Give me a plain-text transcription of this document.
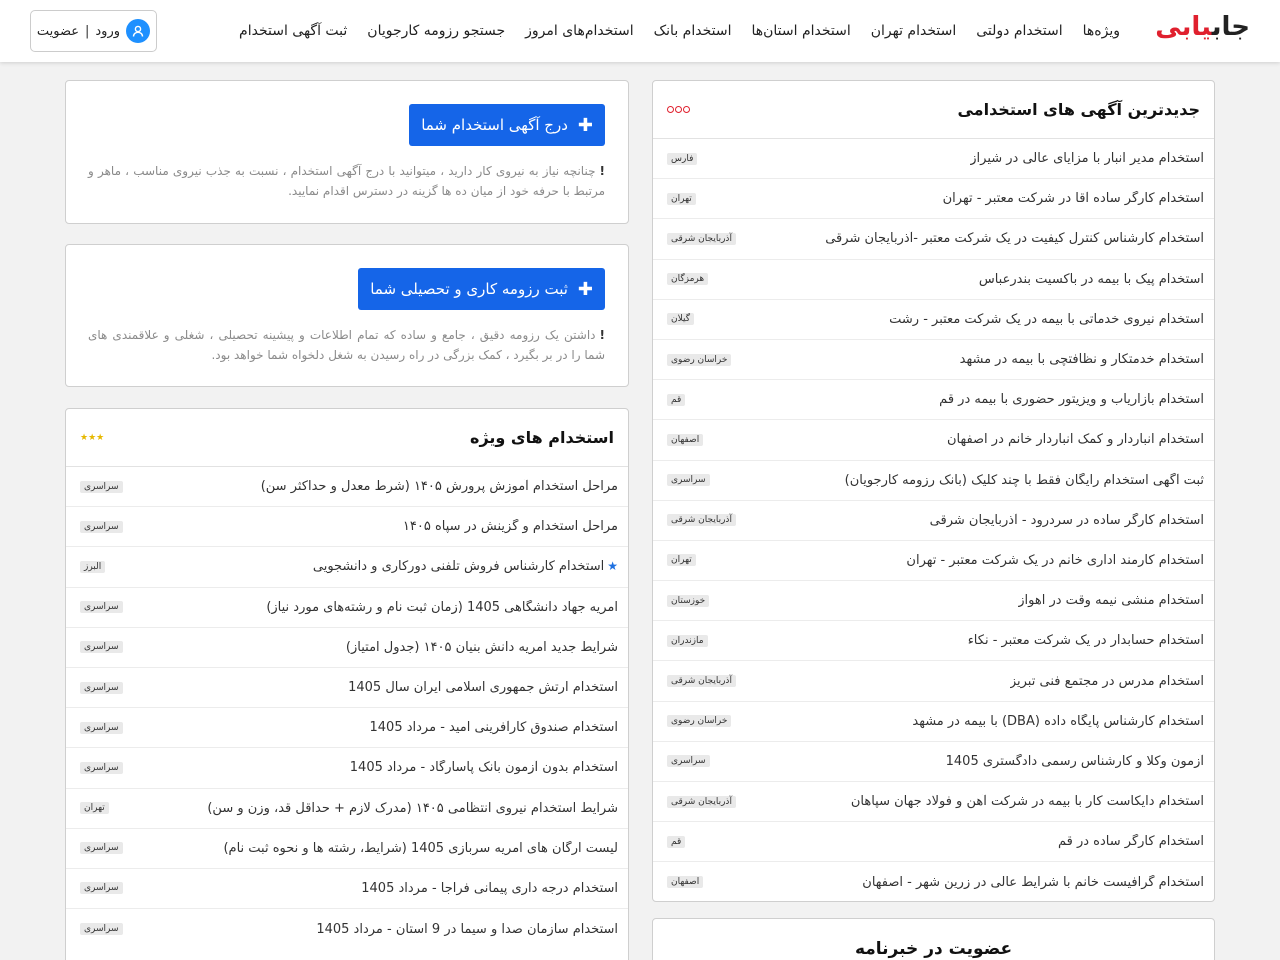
جابیابی
ویژه‌ها
استخدام دولتی
استخدام تهران
استخدام استان‌ها
استخدام بانک
استخدام‌های امروز
جستجو رزومه کارجویان
ثبت آگهی استخدام
ورود
|
عضویت
جدیدترین آگهی های استخدامی
استخدام مدیر انبار با مزایای عالی در شیراز
فارس
استخدام کارگر ساده آقا در شرکت معتبر - تهران
تهران
استخدام کارشناس کنترل کیفیت در یک شرکت معتبر -آذربایجان شرقی
آذربایجان شرقی
استخدام پیک با بیمه در باکسیت بندرعباس
هرمزگان
استخدام نیروی خدماتی با بیمه در یک شرکت معتبر - رشت
گیلان
استخدام خدمتکار و نظافتچی با بیمه در مشهد
خراسان رضوی
استخدام بازاریاب و ویزیتور حضوری با بیمه در قم
قم
استخدام انباردار و کمک انباردار خانم در اصفهان
اصفهان
ثبت آگهی استخدام رایگان فقط با چند کلیک (بانک رزومه کارجویان)
سراسری
استخدام کارگر ساده در سردرود - آذربایجان شرقی
آذربایجان شرقی
استخدام کارمند اداری خانم در یک شرکت معتبر - تهران
تهران
استخدام منشی نیمه وقت در اهواز
خوزستان
استخدام حسابدار در یک شرکت معتبر - نکاء
مازندران
استخدام مدرس در مجتمع فنی تبریز
آذربایجان شرقی
استخدام کارشناس پایگاه داده (DBA) با بیمه در مشهد
خراسان رضوی
آزمون وکلا و کارشناس رسمی دادگستری 1405
سراسری
استخدام دایکاست کار با بیمه در شرکت آهن و فولاد جهان سپاهان
آذربایجان شرقی
استخدام کارگر ساده در قم
قم
استخدام گرافیست خانم با شرایط عالی در زرین شهر - اصفهان
اصفهان
عضویت در خبرنامه
✚
درج آگهی استخدام شما
!چنانچه نیاز به نیروی کار دارید ، میتوانید با درج آگهی استخدام ، نسبت به جذب نیروی مناسب ، ماهر و مرتبط با حرفه خود از میان ده ها گزینه در دسترس اقدام نمایید.
✚
ثبت رزومه کاری و تحصیلی شما
!داشتن یک رزومه دقیق ، جامع و ساده که تمام اطلاعات و پیشینه تحصیلی ، شغلی و علاقمندی های شما را در بر بگیرد ، کمک بزرگی در راه رسیدن به شغل دلخواه شما خواهد بود.
استخدام های ویژه
★
★
★
مراحل استخدام آموزش پرورش ۱۴۰۵ (شرط معدل و حداکثر سن)
سراسری
مراحل استخدام و گزینش در سپاه ۱۴۰۵
سراسری
★استخدام کارشناس فروش تلفنی دورکاری و دانشجویی
البرز
امریه جهاد دانشگاهی 1405 (زمان ثبت نام و رشته‌های مورد نیاز)
سراسری
شرایط جدید امریه دانش بنیان ۱۴۰۵ (جدول امتیاز)
سراسری
استخدام ارتش جمهوری اسلامی ایران سال 1405
سراسری
استخدام صندوق کارآفرینی امید - مرداد 1405
سراسری
استخدام بدون آزمون بانک پاسارگاد - مرداد 1405
سراسری
شرایط استخدام نیروی انتظامی ۱۴۰۵ (مدرک لازم + حداقل قد، وزن و سن)
تهران
لیست ارگان های امریه سربازی 1405 (شرایط، رشته ها و نحوه ثبت نام)
سراسری
استخدام درجه داری پیمانی فراجا - مرداد 1405
سراسری
استخدام سازمان صدا و سیما در 9 استان - مرداد 1405
سراسری
